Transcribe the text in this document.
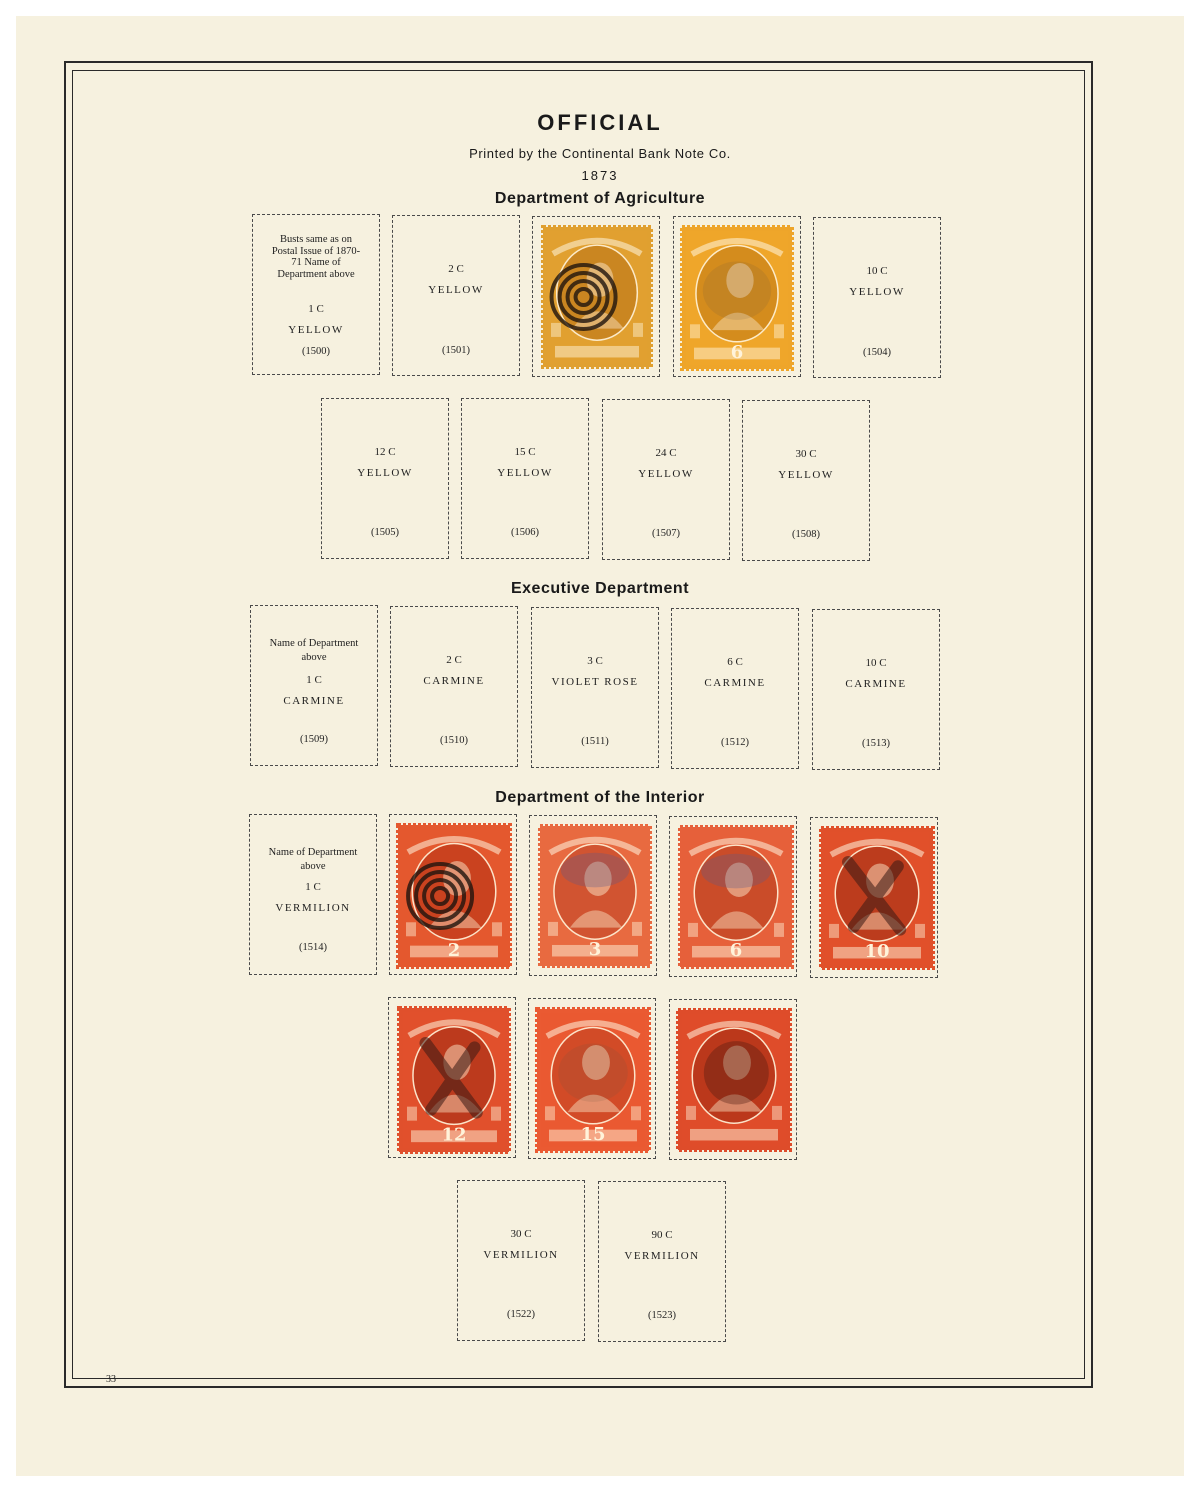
OFFICIAL
Printed by the Continental Bank Note Co.
1873
Department of Agriculture
Executive Department
Department of the Interior
Busts same as on Postal Issue of 1870-71 Name of Department above
1 C
YELLOW
(1500)
2 C
YELLOW
(1501)	6
10 C
YELLOW
(1504)
12 C
YELLOW
(1505)
15 C
YELLOW
(1506)
24 C
YELLOW
(1507)
30 C
YELLOW
(1508)
Name of Department above
1 C
CARMINE
(1509)
2 C
CARMINE
(1510)
3 C
VIOLET ROSE
(1511)
6 C
CARMINE
(1512)
10 C
CARMINE
(1513)
Name of Department above
1 C
VERMILION
(1514)	2	3	6	10
12	15
30 C
VERMILION
(1522)
90 C
VERMILION
(1523)
33
